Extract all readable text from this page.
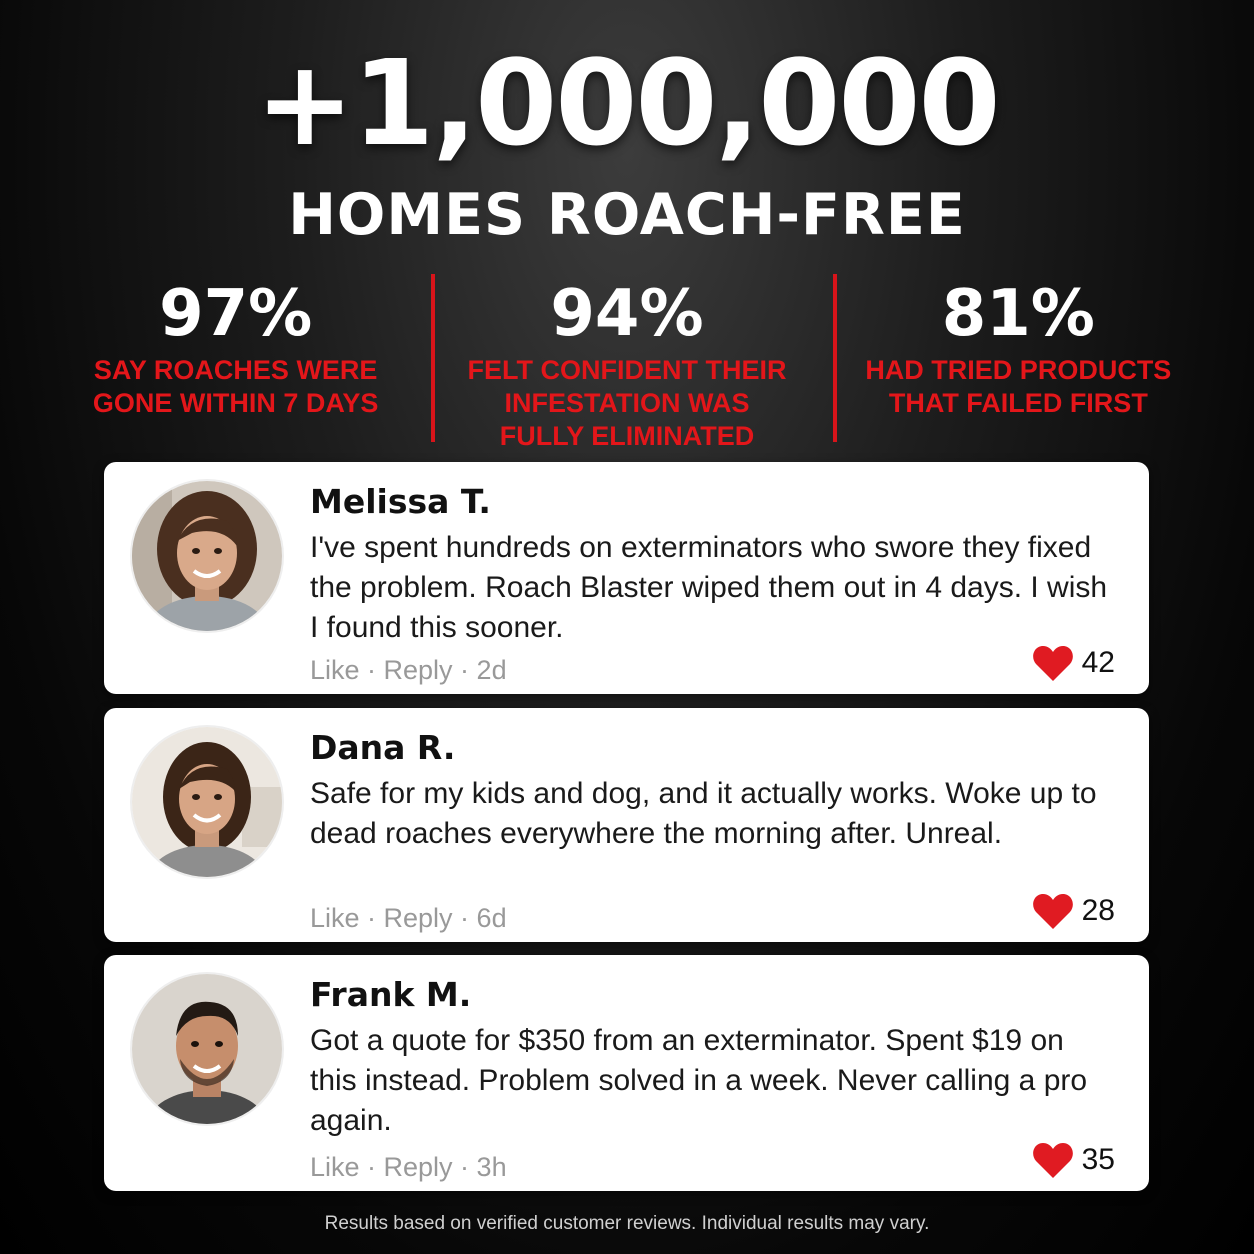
+1,000,000
HOMES ROACH-FREE
97%
SAY ROACHES WERE GONE WITHIN 7 DAYS
94%
FELT CONFIDENT THEIR INFESTATION WAS FULLY ELIMINATED
81%
HAD TRIED PRODUCTS THAT FAILED FIRST
Melissa T.
I've spent hundreds on exterminators who swore they fixed the problem. Roach Blaster wiped them out in 4 days. I wish I found this sooner.
Like · Reply · 2d	42
Dana R.
Safe for my kids and dog, and it actually works. Woke up to dead roaches everywhere the morning after. Unreal.
Like · Reply · 6d	28
Frank M.
Got a quote for $350 from an exterminator. Spent $19 on this instead. Problem solved in a week. Never calling a pro again.
Like · Reply · 3h	35
Results based on verified customer reviews. Individual results may vary.
